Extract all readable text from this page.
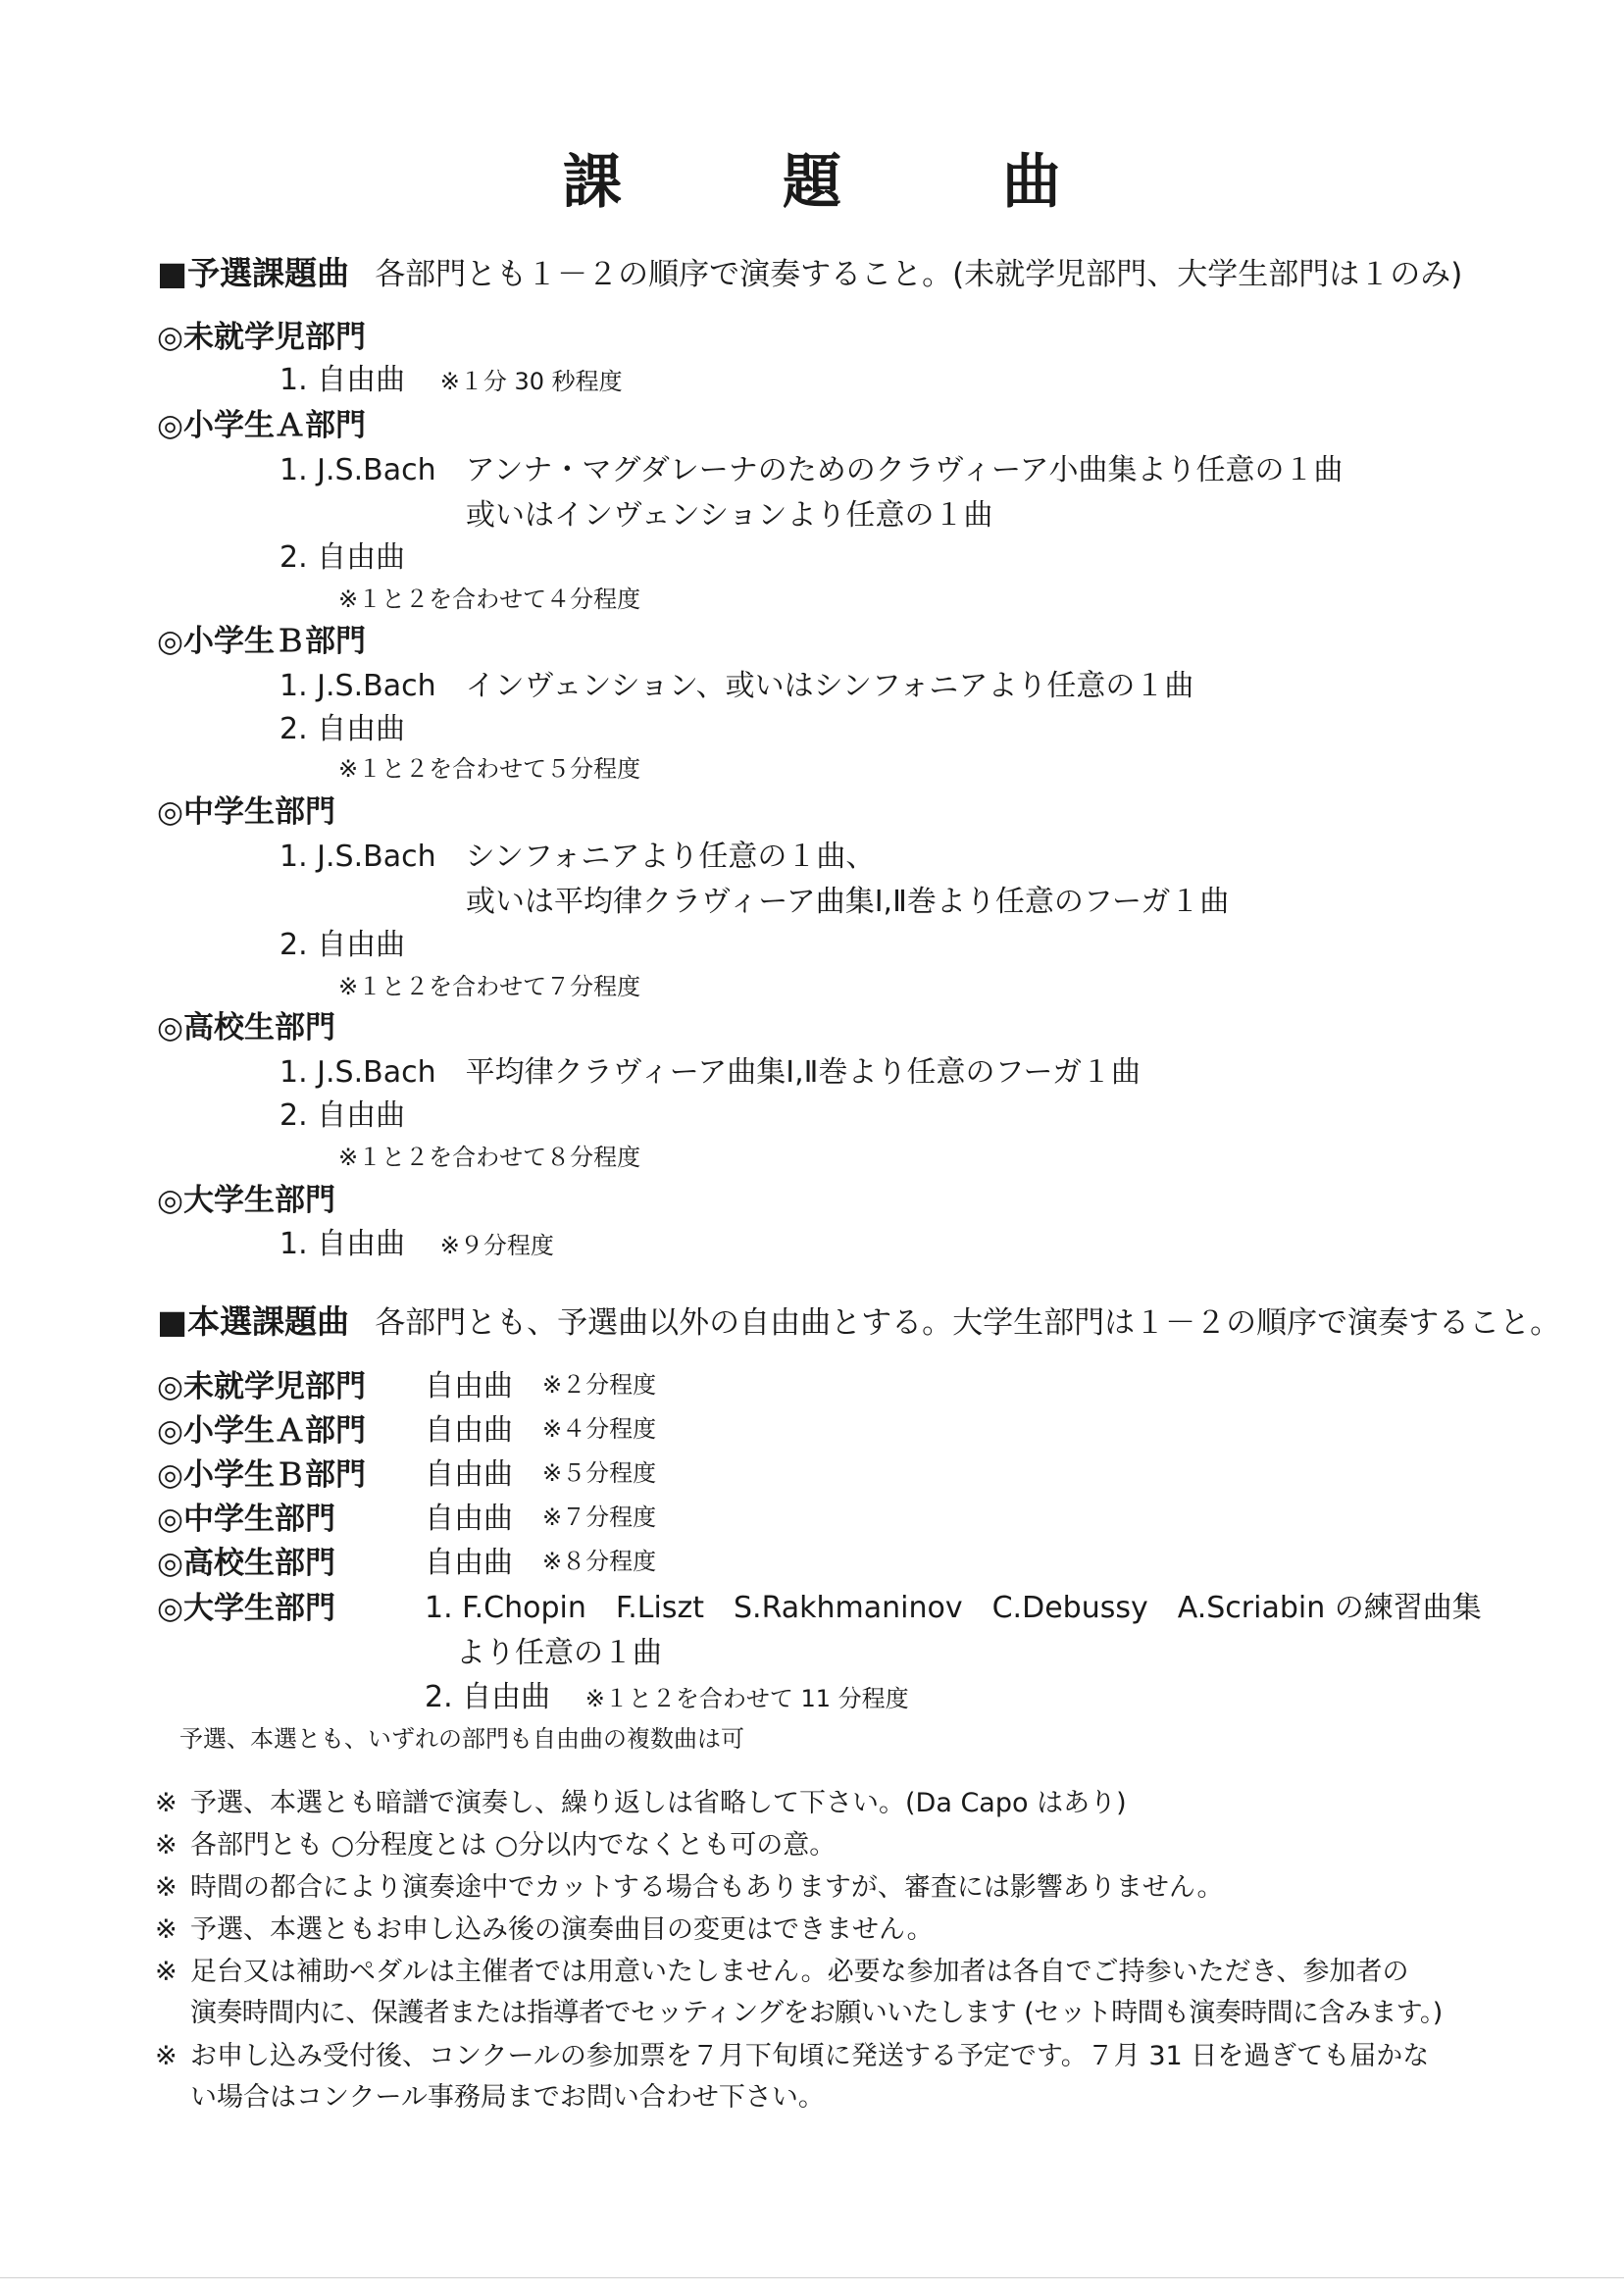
課　題　曲
■予選課題曲 各部門とも１－２の順序で演奏すること。(未就学児部門、大学生部門は１のみ)
◎未就学児部門
1. 自由曲 ※１分 30 秒程度
◎小学生Ａ部門
1. J.S.Bach　アンナ・マグダレーナのためのクラヴィーア小曲集より任意の１曲
或いはインヴェンションより任意の１曲
2. 自由曲
※１と２を合わせて４分程度
◎小学生Ｂ部門
1. J.S.Bach　インヴェンション、或いはシンフォニアより任意の１曲
2. 自由曲
※１と２を合わせて５分程度
◎中学生部門
1. J.S.Bach　シンフォニアより任意の１曲、
或いは平均律クラヴィーア曲集Ⅰ,Ⅱ巻より任意のフーガ１曲
2. 自由曲
※１と２を合わせて７分程度
◎高校生部門
1. J.S.Bach　平均律クラヴィーア曲集Ⅰ,Ⅱ巻より任意のフーガ１曲
2. 自由曲
※１と２を合わせて８分程度
◎大学生部門
1. 自由曲 ※９分程度
■本選課題曲 各部門とも、予選曲以外の自由曲とする。大学生部門は１－２の順序で演奏すること。
◎未就学児部門 自由曲 ※２分程度
◎小学生Ａ部門 自由曲 ※４分程度
◎小学生Ｂ部門 自由曲 ※５分程度
◎中学生部門	自由曲 ※７分程度
◎高校生部門	自由曲 ※８分程度
◎大学生部門	1. F.Chopin　F.Liszt　S.Rakhmaninov　C.Debussy　A.Scriabin の練習曲集
より任意の１曲
2. 自由曲 ※１と２を合わせて 11 分程度
予選、本選とも、いずれの部門も自由曲の複数曲は可
※ 予選、本選とも暗譜で演奏し、繰り返しは省略して下さい。(Da Capo はあり)
※ 各部門とも ○分程度とは ○分以内でなくとも可の意。
※ 時間の都合により演奏途中でカットする場合もありますが、審査には影響ありません。
※ 予選、本選ともお申し込み後の演奏曲目の変更はできません。
※ 足台又は補助ペダルは主催者では用意いたしません。必要な参加者は各自でご持参いただき、参加者の
演奏時間内に、保護者または指導者でセッティングをお願いいたします (セット時間も演奏時間に含みます。)
※ お申し込み受付後、コンクールの参加票を７月下旬頃に発送する予定です。７月 31 日を過ぎても届かな
い場合はコンクール事務局までお問い合わせ下さい。
